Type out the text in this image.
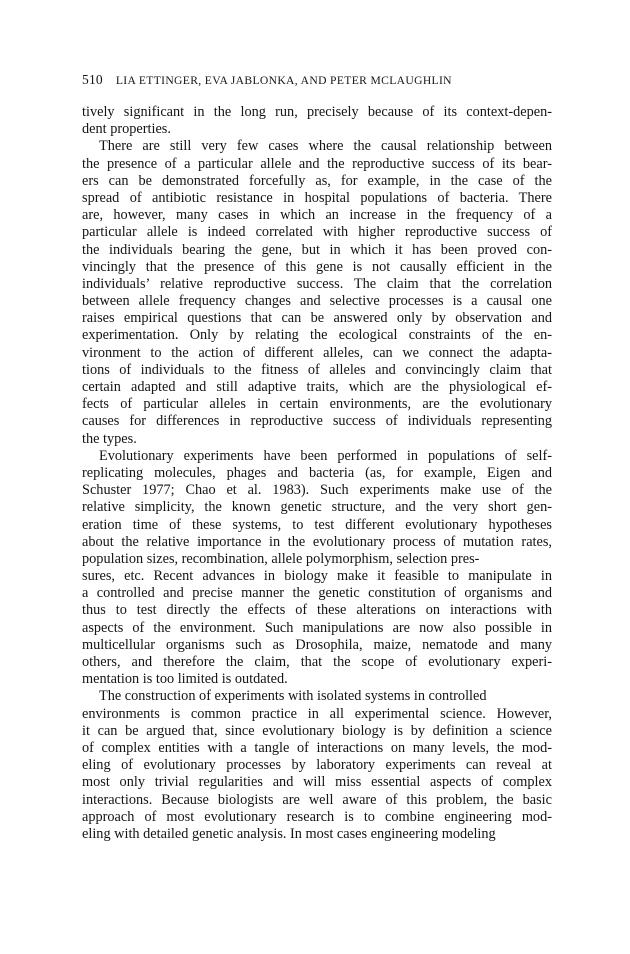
510 LIA ETTINGER, EVA JABLONKA, AND PETER MCLAUGHLIN
tively significant in the long run, precisely because of its context-depen-
dent properties.
There are still very few cases where the causal relationship between
the presence of a particular allele and the reproductive success of its bear-
ers can be demonstrated forcefully as, for example, in the case of the
spread of antibiotic resistance in hospital populations of bacteria. There
are, however, many cases in which an increase in the frequency of a
particular allele is indeed correlated with higher reproductive success of
the individuals bearing the gene, but in which it has been proved con-
vincingly that the presence of this gene is not causally efficient in the
individuals’ relative reproductive success. The claim that the correlation
between allele frequency changes and selective processes is a causal one
raises empirical questions that can be answered only by observation and
experimentation. Only by relating the ecological constraints of the en-
vironment to the action of different alleles, can we connect the adapta-
tions of individuals to the fitness of alleles and convincingly claim that
certain adapted and still adaptive traits, which are the physiological ef-
fects of particular alleles in certain environments, are the evolutionary
causes for differences in reproductive success of individuals representing
the types.
Evolutionary experiments have been performed in populations of self-
replicating molecules, phages and bacteria (as, for example, Eigen and
Schuster 1977; Chao et al. 1983). Such experiments make use of the
relative simplicity, the known genetic structure, and the very short gen-
eration time of these systems, to test different evolutionary hypotheses
about the relative importance in the evolutionary process of mutation rates,
population sizes, recombination, allele polymorphism, selection pres-
sures, etc. Recent advances in biology make it feasible to manipulate in
a controlled and precise manner the genetic constitution of organisms and
thus to test directly the effects of these alterations on interactions with
aspects of the environment. Such manipulations are now also possible in
multicellular organisms such as Drosophila, maize, nematode and many
others, and therefore the claim, that the scope of evolutionary experi-
mentation is too limited is outdated.
The construction of experiments with isolated systems in controlled
environments is common practice in all experimental science. However,
it can be argued that, since evolutionary biology is by definition a science
of complex entities with a tangle of interactions on many levels, the mod-
eling of evolutionary processes by laboratory experiments can reveal at
most only trivial regularities and will miss essential aspects of complex
interactions. Because biologists are well aware of this problem, the basic
approach of most evolutionary research is to combine engineering mod-
eling with detailed genetic analysis. In most cases engineering modeling
